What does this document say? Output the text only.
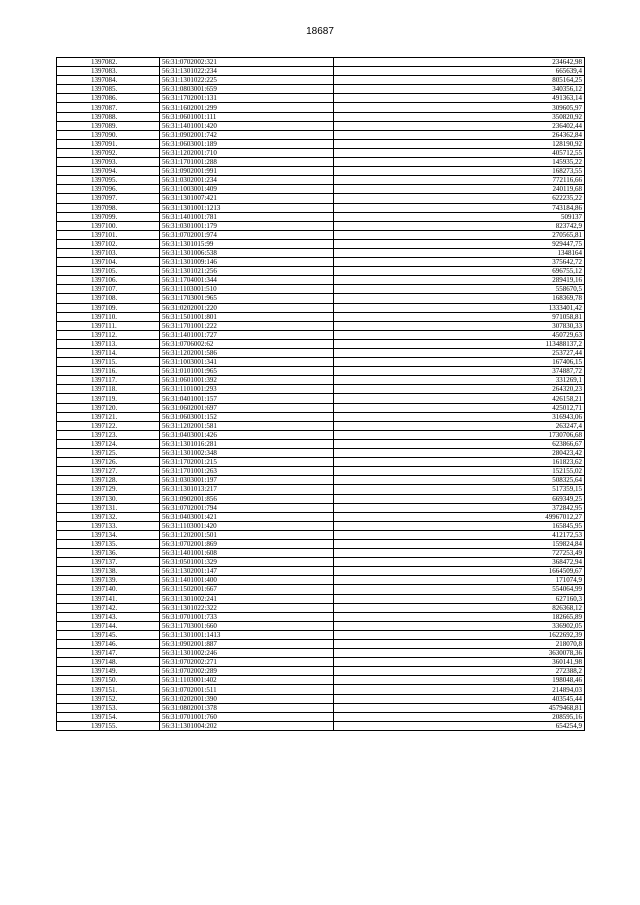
18687
1397082.	56:31:0702002:321	234642,98
1397083.	56:31:1301022:234	665639,4
1397084.	56:31:1301022:225	805164,25
1397085.	56:31:0803001:659	340356,12
1397086.	56:31:1702001:131	491363,14
1397087.	56:31:1602001:299	309605,97
1397088.	56:31:0601001:111	350820,92
1397089.	56:31:1401001:420	236402,44
1397090.	56:31:0902001:742	264362,84
1397091.	56:31:0603001:189	128190,92
1397092.	56:31:1202001:710	405712,55
1397093.	56:31:1701001:288	145935,22
1397094.	56:31:0902001:991	168273,55
1397095.	56:31:0302001:234	772116,66
1397096.	56:31:1003001:409	240119,68
1397097.	56:31:1301007:421	622235,22
1397098.	56:31:1301001:1213	743184,86
1397099.	56:31:1401001:781	509137
1397100.	56:31:0301001:179	823742,9
1397101.	56:31:0702001:974	270565,81
1397102.	56:31:1301015:99	929447,75
1397103.	56:31:1301006:538	1348164
1397104.	56:31:1301009:146	375642,72
1397105.	56:31:1301021:256	696755,12
1397106.	56:31:1704001:344	289419,16
1397107.	56:31:1103001:510	558670,5
1397108.	56:31:1703001:965	168369,78
1397109.	56:31:0202001:220	1333401,42
1397110.	56:31:1501001:801	971058,81
1397111.	56:31:1701001:222	307830,33
1397112.	56:31:1401001:727	450729,63
1397113.	56:31:0706002:62	113488137,2
1397114.	56:31:1202001:586	253727,44
1397115.	56:31:1003001:341	167406,15
1397116.	56:31:0101001:965	374887,72
1397117.	56:31:0601001:392	331269,1
1397118.	56:31:1101001:293	264320,23
1397119.	56:31:0401001:157	426158,21
1397120.	56:31:0602001:697	425012,71
1397121.	56:31:0603001:152	316943,06
1397122.	56:31:1202001:581	263247,4
1397123.	56:31:0403001:426	1730706,68
1397124.	56:31:1301016:281	623866,67
1397125.	56:31:1301002:348	280423,42
1397126.	56:31:1702001:215	161823,62
1397127.	56:31:1701001:263	152155,02
1397128.	56:31:0303001:197	508325,64
1397129.	56:31:1301013:217	517359,15
1397130.	56:31:0902001:856	669349,25
1397131.	56:31:0702001:794	372842,95
1397132.	56:31:0403001:421	49967012,27
1397133.	56:31:1103001:420	165845,95
1397134.	56:31:1202001:501	412172,53
1397135.	56:31:0702001:869	159824,84
1397136.	56:31:1401001:608	727253,49
1397137.	56:31:0501001:329	368472,94
1397138.	56:31:1302001:147	1664509,67
1397139.	56:31:1401001:400	171074,9
1397140.	56:31:1502001:667	554064,99
1397141.	56:31:1301002:241	627160,3
1397142.	56:31:1301022:322	826368,12
1397143.	56:31:0701001:733	182665,89
1397144.	56:31:1703001:660	336902,05
1397145.	56:31:1301001:1413	1622692,39
1397146.	56:31:0902001:887	218070,8
1397147.	56:31:1301002:246	3630078,36
1397148.	56:31:0702002:271	360141,98
1397149.	56:31:0702002:289	272388,2
1397150.	56:31:1103001:402	198048,46
1397151.	56:31:0702001:511	214894,03
1397152.	56:31:0202001:390	403545,44
1397153.	56:31:0802001:378	4579468,81
1397154.	56:31:0701001:760	208595,16
1397155.	56:31:1301004:202	654254,9
